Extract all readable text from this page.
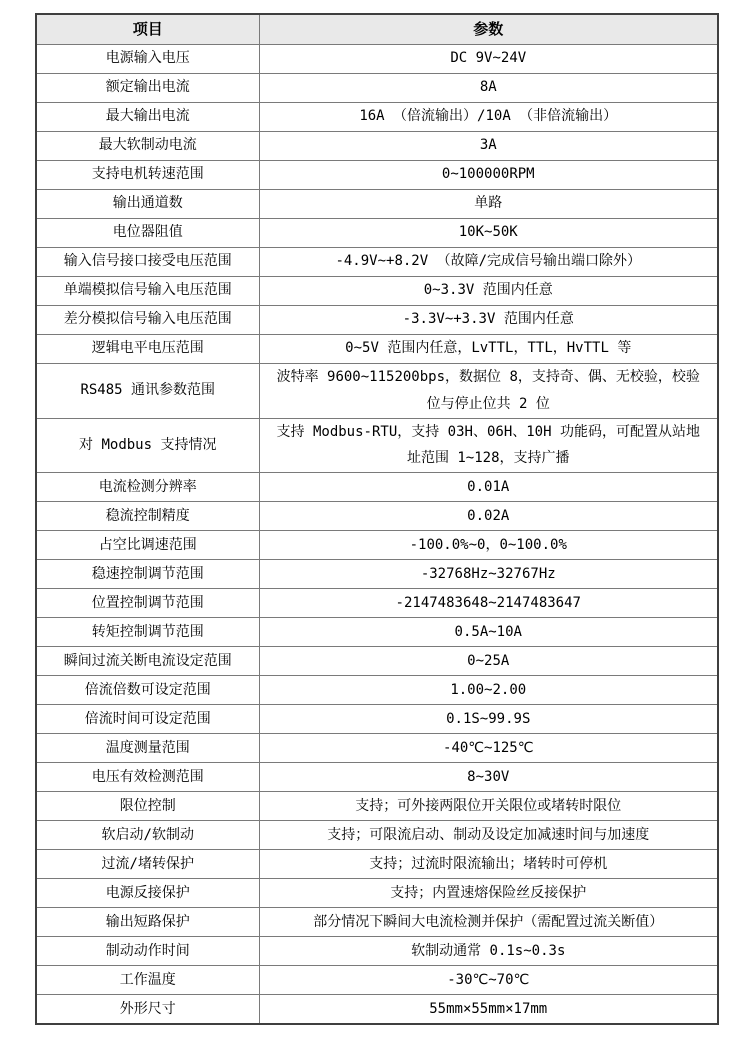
项目	参数
电源输入电压	DC 9V~24V
额定输出电流	8A
最大输出电流	16A （倍流输出）/10A （非倍流输出）
最大软制动电流	3A
支持电机转速范围	0~100000RPM
输出通道数	单路
电位器阻值	10K~50K
输入信号接口接受电压范围	-4.9V~+8.2V （故障/完成信号输出端口除外）
单端模拟信号输入电压范围	0~3.3V 范围内任意
差分模拟信号输入电压范围	-3.3V~+3.3V 范围内任意
逻辑电平电压范围	0~5V 范围内任意，LvTTL，TTL，HvTTL 等
RS485 通讯参数范围	波特率 9600~115200bps，数据位 8，支持奇、偶、无校验，校验位与停止位共 2 位
对 Modbus 支持情况	支持 Modbus-RTU，支持 03H、06H、10H 功能码，可配置从站地址范围 1~128，支持广播
电流检测分辨率	0.01A
稳流控制精度	0.02A
占空比调速范围	-100.0%~0，0~100.0%
稳速控制调节范围	-32768Hz~32767Hz
位置控制调节范围	-2147483648~2147483647
转矩控制调节范围	0.5A~10A
瞬间过流关断电流设定范围	0~25A
倍流倍数可设定范围	1.00~2.00
倍流时间可设定范围	0.1S~99.9S
温度测量范围	-40℃~125℃
电压有效检测范围	8~30V
限位控制	支持；可外接两限位开关限位或堵转时限位
软启动/软制动	支持；可限流启动、制动及设定加减速时间与加速度
过流/堵转保护	支持；过流时限流输出；堵转时可停机
电源反接保护	支持；内置速熔保险丝反接保护
输出短路保护	部分情况下瞬间大电流检测并保护（需配置过流关断值）
制动动作时间	软制动通常 0.1s~0.3s
工作温度	-30℃~70℃
外形尺寸	55mm×55mm×17mm
